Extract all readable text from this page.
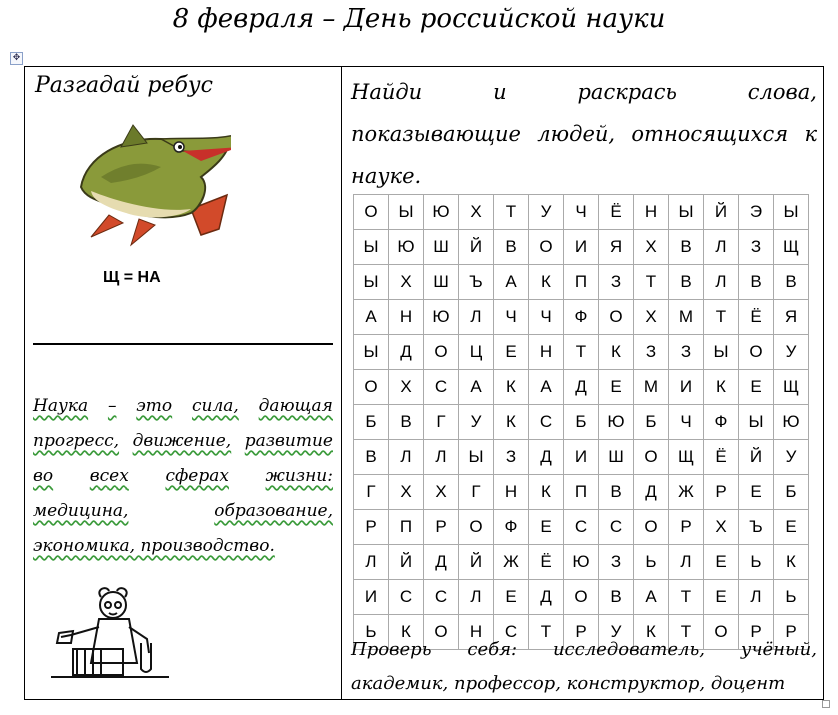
8 февраля – День российской науки
✥
Разгадай ребус
Щ = НА
Наука – это сила, дающая
прогресс, движение, развитие
во всех сферах жизни:
медицина,	образование,
экономика, производство.
Найди	и	раскрась	слова,
показывающие людей, относящихся к
науке.
О	Ы	Ю	Х	Т	У	Ч	Ё	Н	Ы	Й	Э	Ы
Ы	Ю	Ш	Й	В	О	И	Я	Х	В	Л	З	Щ
Ы	Х	Ш	Ъ	А	К	П	З	Т	В	Л	В	В
А	Н	Ю	Л	Ч	Ч	Ф	О	Х	М	Т	Ё	Я
Ы	Д	О	Ц	Е	Н	Т	К	З	З	Ы	О	У
О	Х	С	А	К	А	Д	Е	М	И	К	Е	Щ
Б	В	Г	У	К	С	Б	Ю	Б	Ч	Ф	Ы	Ю
В	Л	Л	Ы	З	Д	И	Ш	О	Щ	Ё	Й	У
Г	Х	Х	Г	Н	К	П	В	Д	Ж	Р	Е	Б
Р	П	Р	О	Ф	Е	С	С	О	Р	Х	Ъ	Е
Л	Й	Д	Й	Ж	Ё	Ю	З	Ь	Л	Е	Ь	К
И	С	С	Л	Е	Д	О	В	А	Т	Е	Л	Ь
Ь	К	О	Н	С	Т	Р	У	К	Т	О	Р	Р
Проверь себя: исследователь, учёный,
академик, профессор, конструктор, доцент
